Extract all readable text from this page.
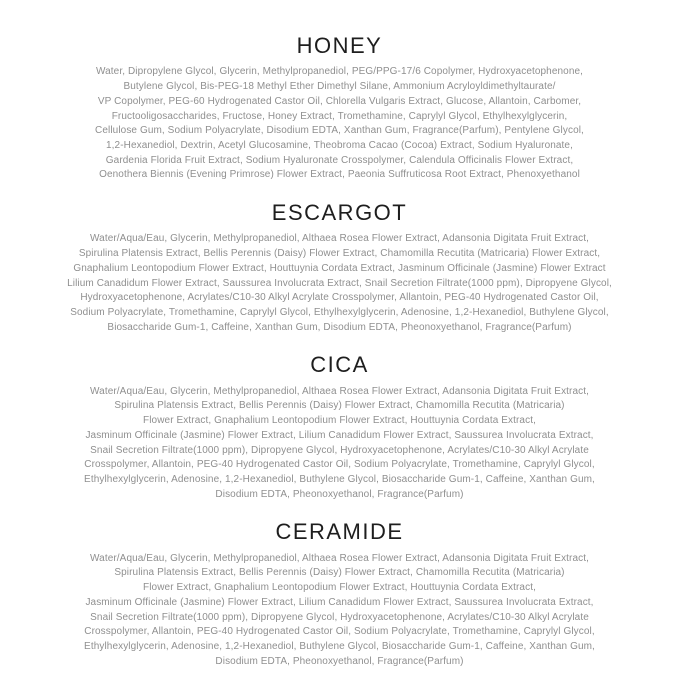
HONEY

Water, Dipropylene Glycol, Glycerin, Methylpropanediol, PEG/PPG-17/6 Copolymer, Hydroxyacetophenone,
Butylene Glycol, Bis-PEG-18 Methyl Ether Dimethyl Silane, Ammonium Acryloyldimethyltaurate/
VP Copolymer, PEG-60 Hydrogenated Castor Oil, Chlorella Vulgaris Extract, Glucose, Allantoin, Carbomer,
Fructooligosaccharides, Fructose, Honey Extract, Tromethamine, Caprylyl Glycol, Ethylhexylglycerin,
Cellulose Gum, Sodium Polyacrylate, Disodium EDTA, Xanthan Gum, Fragrance(Parfum), Pentylene Glycol,
1,2-Hexanediol, Dextrin, Acetyl Glucosamine, Theobroma Cacao (Cocoa) Extract, Sodium Hyaluronate,
Gardenia Florida Fruit Extract, Sodium Hyaluronate Crosspolymer, Calendula Officinalis Flower Extract,
Oenothera Biennis (Evening Primrose) Flower Extract, Paeonia Suffruticosa Root Extract, Phenoxyethanol

ESCARGOT

Water/Aqua/Eau, Glycerin, Methylpropanediol, Althaea Rosea Flower Extract, Adansonia Digitata Fruit Extract,
Spirulina Platensis Extract, Bellis Perennis (Daisy) Flower Extract, Chamomilla Recutita (Matricaria) Flower Extract,
Gnaphalium Leontopodium Flower Extract, Houttuynia Cordata Extract, Jasminum Officinale (Jasmine) Flower Extract
Lilium Canadidum Flower Extract, Saussurea Involucrata Extract, Snail Secretion Filtrate(1000 ppm), Dipropyene Glycol,
Hydroxyacetophenone, Acrylates/C10-30 Alkyl Acrylate Crosspolymer, Allantoin, PEG-40 Hydrogenated Castor Oil,
Sodium Polyacrylate, Tromethamine, Caprylyl Glycol, Ethylhexylglycerin, Adenosine, 1,2-Hexanediol, Buthylene Glycol,
Biosaccharide Gum-1, Caffeine, Xanthan Gum, Disodium EDTA, Pheonoxyethanol, Fragrance(Parfum)

CICA

Water/Aqua/Eau, Glycerin, Methylpropanediol, Althaea Rosea Flower Extract, Adansonia Digitata Fruit Extract,
Spirulina Platensis Extract, Bellis Perennis (Daisy) Flower Extract, Chamomilla Recutita (Matricaria)
Flower Extract, Gnaphalium Leontopodium Flower Extract, Houttuynia Cordata Extract,
Jasminum Officinale (Jasmine) Flower Extract, Lilium Canadidum Flower Extract, Saussurea Involucrata Extract,
Snail Secretion Filtrate(1000 ppm), Dipropyene Glycol, Hydroxyacetophenone, Acrylates/C10-30 Alkyl Acrylate
Crosspolymer, Allantoin, PEG-40 Hydrogenated Castor Oil, Sodium Polyacrylate, Tromethamine, Caprylyl Glycol,
Ethylhexylglycerin, Adenosine, 1,2-Hexanediol, Buthylene Glycol, Biosaccharide Gum-1, Caffeine, Xanthan Gum,
Disodium EDTA, Pheonoxyethanol, Fragrance(Parfum)

CERAMIDE

Water/Aqua/Eau, Glycerin, Methylpropanediol, Althaea Rosea Flower Extract, Adansonia Digitata Fruit Extract,
Spirulina Platensis Extract, Bellis Perennis (Daisy) Flower Extract, Chamomilla Recutita (Matricaria)
Flower Extract, Gnaphalium Leontopodium Flower Extract, Houttuynia Cordata Extract,
Jasminum Officinale (Jasmine) Flower Extract, Lilium Canadidum Flower Extract, Saussurea Involucrata Extract,
Snail Secretion Filtrate(1000 ppm), Dipropyene Glycol, Hydroxyacetophenone, Acrylates/C10-30 Alkyl Acrylate
Crosspolymer, Allantoin, PEG-40 Hydrogenated Castor Oil, Sodium Polyacrylate, Tromethamine, Caprylyl Glycol,
Ethylhexylglycerin, Adenosine, 1,2-Hexanediol, Buthylene Glycol, Biosaccharide Gum-1, Caffeine, Xanthan Gum,
Disodium EDTA, Pheonoxyethanol, Fragrance(Parfum)
